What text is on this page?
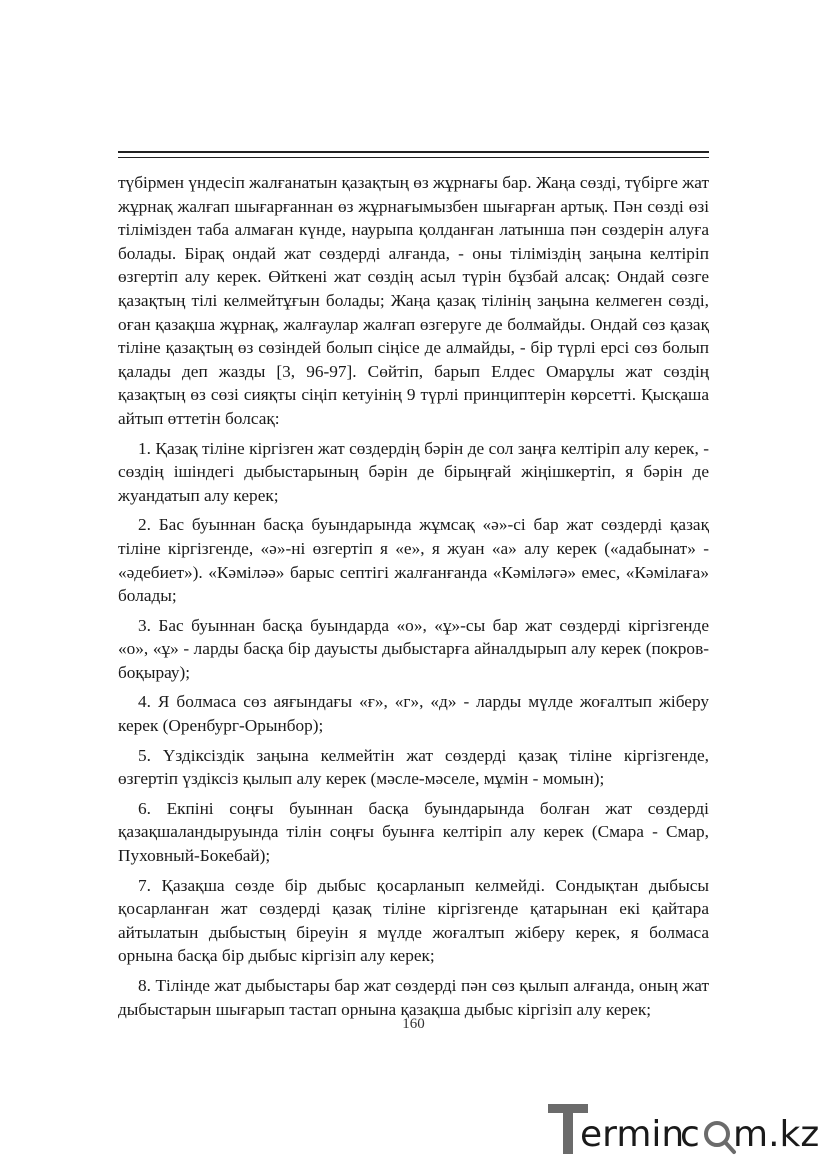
түбірмен үндесіп жалғанатын қазақтың өз жұрнағы бар. Жаңа сөзді, түбірге жат жұрнақ жалғап шығарғаннан өз жұрнағымызбен шығарған артық. Пән сөзді өзі тілімізден таба алмаған күнде, наурыпа қолданған латынша пән сөздерін алуға болады. Бірақ ондай жат сөздерді алғанда, - оны тіліміздің заңына келтіріп өзгертіп алу керек. Өйткені жат сөздің асыл түрін бұзбай алсақ: Ондай сөзге қазақтың тілі келмейтұғын болады; Жаңа қазақ тілінің заңына келмеген сөзді, оған қазақша жұрнақ, жалғаулар жалғап өзгеруге де болмайды. Ондай сөз қазақ тіліне қазақтың өз сөзіндей болып сіңісе де алмайды, - бір түрлі ерсі сөз болып қалады деп жазды [3, 96-97]. Сөйтіп, барып Елдес Омарұлы жат сөздің қазақтың өз сөзі сияқты сіңіп кетуінің 9 түрлі принциптерін көрсетті. Қысқаша айтып өттетін болсақ:

1. Қазақ тіліне кіргізген жат сөздердің бәрін де сол заңға келтіріп алу керек, - сөздің ішіндегі дыбыстарының бәрін де бірыңғай жіңішкертіп, я бәрін де жуандатып алу керек;

2. Бас буыннан басқа буындарында жұмсақ «ә»-сі бар жат сөздерді қазақ тіліне кіргізгенде, «ә»-ні өзгертіп я «е», я жуан «а» алу керек («адабынат» - «әдебиет»). «Кәміләә» барыс септігі жалғанғанда «Кәміләгә» емес, «Кәмілаға» болады;

3. Бас буыннан басқа буындарда «о», «ұ»-сы бар жат сөздерді кіргізгенде «о», «ұ» - ларды басқа бір дауысты дыбыстарға айналдырып алу керек (покров-боқырау);

4. Я болмаса сөз аяғындағы «ғ», «г», «д» - ларды мүлде жоғалтып жіберу керек (Оренбург-Орынбор);

5. Үздіксіздік заңына келмейтін жат сөздерді қазақ тіліне кіргізгенде, өзгертіп үздіксіз қылып алу керек (мәсле-мәселе, мұмін - момын);

6. Екпіні соңғы буыннан басқа буындарында болған жат сөздерді қазақшаландыруында тілін соңғы буынға келтіріп алу керек (Смара - Смар, Пуховный-Бокебай);

7. Қазақша сөзде бір дыбыс қосарланып келмейді. Сондықтан дыбысы қосарланған жат сөздерді қазақ тіліне кіргізгенде қатарынан екі қайтара айтылатын дыбыстың біреуін я мүлде жоғалтып жіберу керек, я болмаса орнына басқа бір дыбыс кіргізіп алу керек;

8. Тілінде жат дыбыстары бар жат сөздерді пән сөз қылып алғанда, оның жат дыбыстарын шығарып тастап орнына қазақша дыбыс кіргізіп алу керек;

160
ermin
c m.kz
